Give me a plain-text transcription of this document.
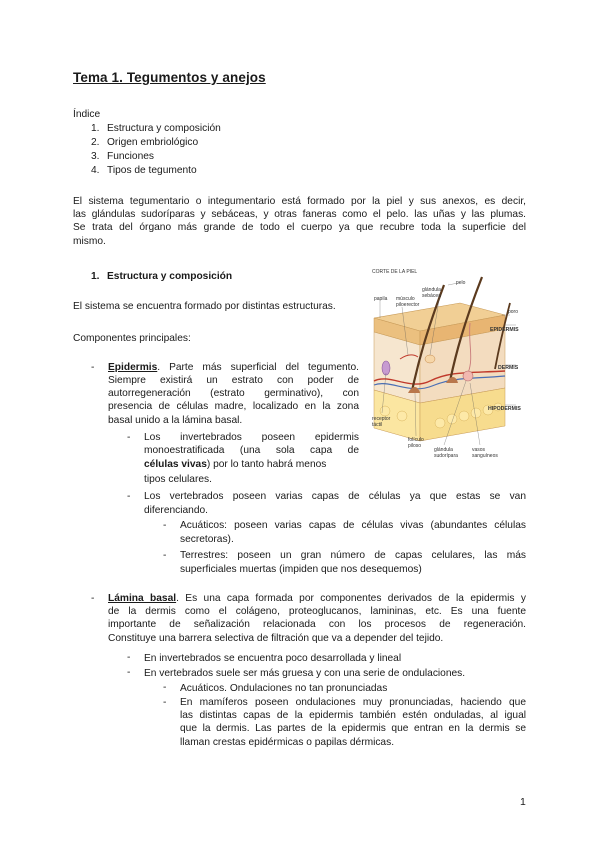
Tema 1. Tegumentos y anejos
Índice
1. Estructura y composición
2. Origen embriológico
3. Funciones
4. Tipos de tegumento
El sistema tegumentario o integumentario está formado por la piel y sus anexos, es decir,
las glándulas sudoríparas y sebáceas, y otras faneras como el pelo. las uñas y las plumas.
Se trata del órgano más grande de todo el cuerpo ya que recubre toda la superficie del
mismo.
1. Estructura y composición
El sistema se encuentra formado por distintas estructuras.
Componentes principales:
- Epidermis. Parte más superficial del tegumento.
Siempre existirá un estrato con poder de
autorregeneración (estrato germinativo), con
presencia de células madre, localizado en la zona
basal unido a la lámina basal.
- Los invertebrados poseen epidermis
monoestratificada (una sola capa de
células vivas) por lo tanto habrá menos
tipos celulares.
- Los vertebrados poseen varias capas de células ya que estas se van
diferenciando.
- Acuáticos: poseen varias capas de células vivas (abundantes células
secretoras).
- Terrestres: poseen un gran número de capas celulares, las más
superficiales muertas (impiden que nos desequemos)
- Lámina basal. Es una capa formada por componentes derivados de la epidermis y
de la dermis como el colágeno, proteoglucanos, lamininas, etc. Es una fuente
importante de señalización relacionada con los procesos de regeneración.
Constituye una barrera selectiva de filtración que va a depender del tejido.
- En invertebrados se encuentra poco desarrollada y lineal
- En vertebrados suele ser más gruesa y con una serie de ondulaciones.
- Acuáticos. Ondulaciones no tan pronunciadas
- En mamíferos poseen ondulaciones muy pronunciadas, haciendo que
las distintas capas de la epidermis también estén onduladas, al igual
que la dermis. Las partes de la epidermis que entran en la dermis se
llaman crestas epidérmicas o papilas dérmicas.
1
CORTE DE LA PIEL
pelo
glándula
sebácea
papila músculo
piloerector
poro
EPIDERMIS
DERMIS
HIPODERMIS
receptor
táctil
folículo
piloso
glándula
sudorípara
vasos
sanguíneos
